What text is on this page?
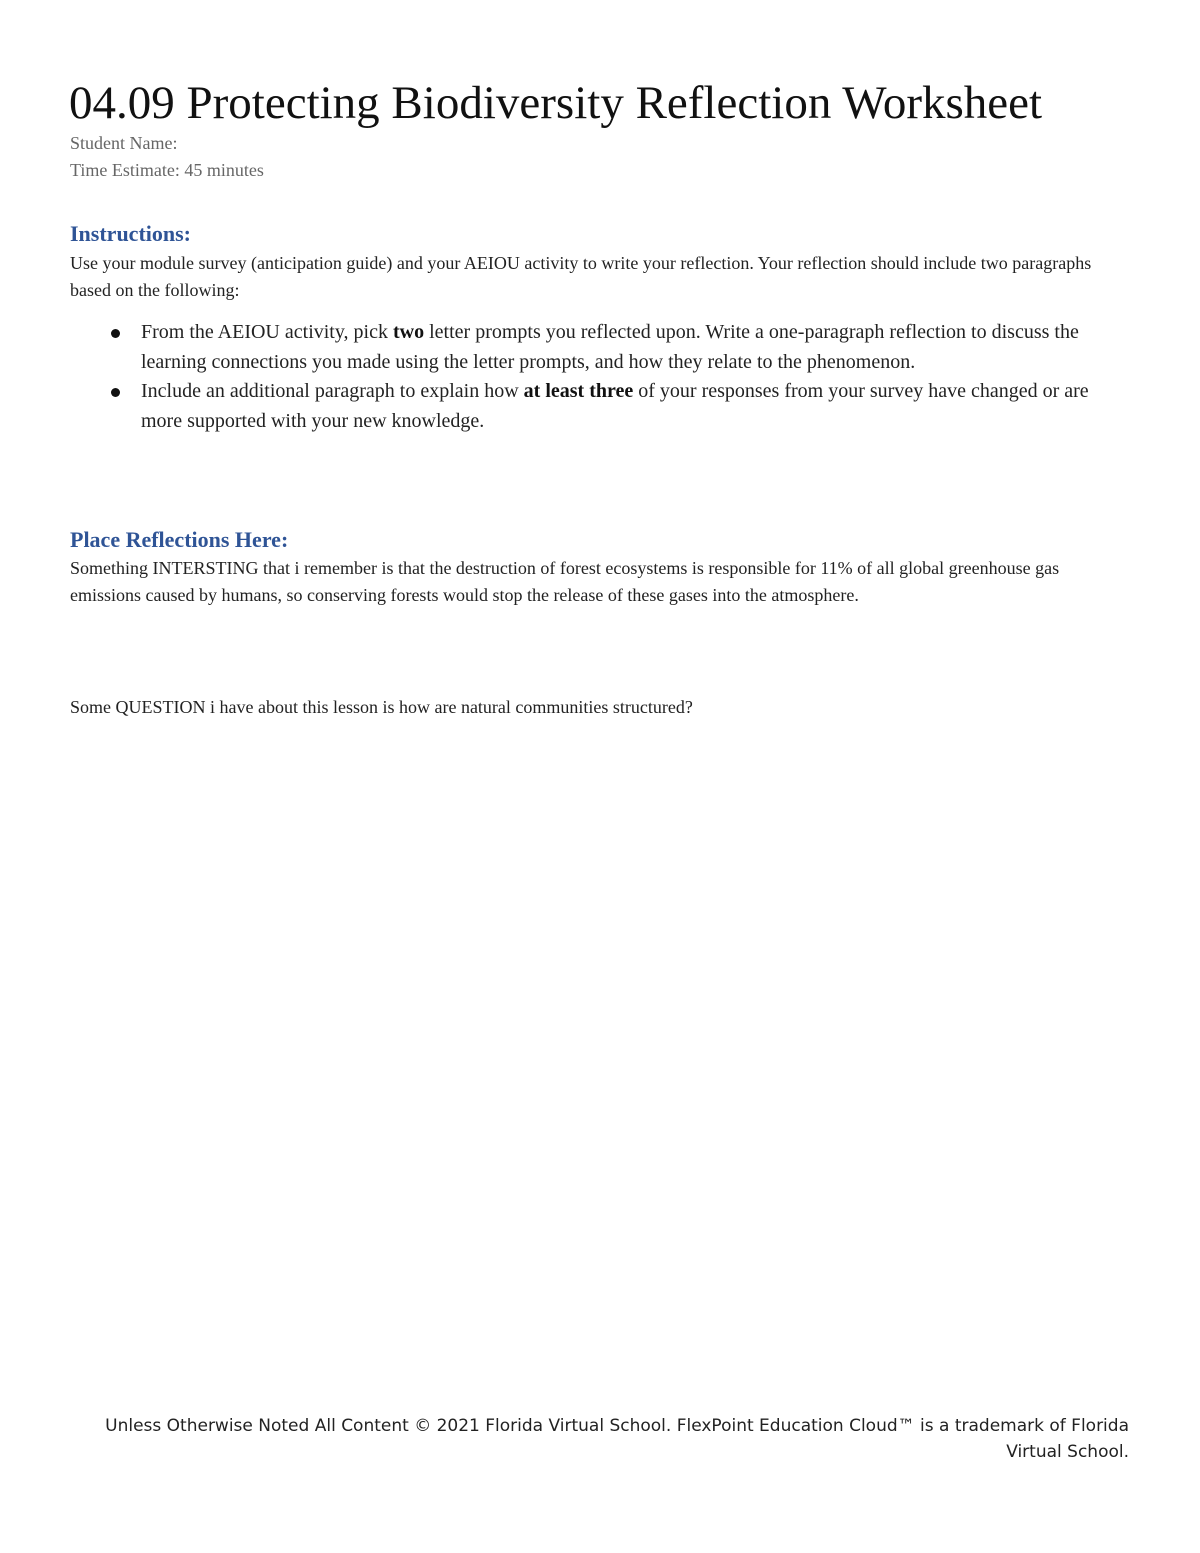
04.09 Protecting Biodiversity Reflection Worksheet
Student Name:
Time Estimate: 45 minutes
Instructions:

Use your module survey (anticipation guide) and your AEIOU activity to write your reflection. Your reflection should include two paragraphs based on the following:

From the AEIOU activity, pick two letter prompts you reflected upon. Write a one-paragraph reflection to discuss the learning connections you made using the letter prompts, and how they relate to the phenomenon.
Include an additional paragraph to explain how at least three of your responses from your survey have changed or are more supported with your new knowledge.
Place Reflections Here:

Something INTERSTING that i remember is that the destruction of forest ecosystems is responsible for 11% of all global greenhouse gas emissions caused by humans, so conserving forests would stop the release of these gases into the atmosphere.

Some QUESTION i have about this lesson is how are natural communities structured?

Unless Otherwise Noted All Content © 2021 Florida Virtual School. FlexPoint Education Cloud™ is a trademark of Florida Virtual School.
